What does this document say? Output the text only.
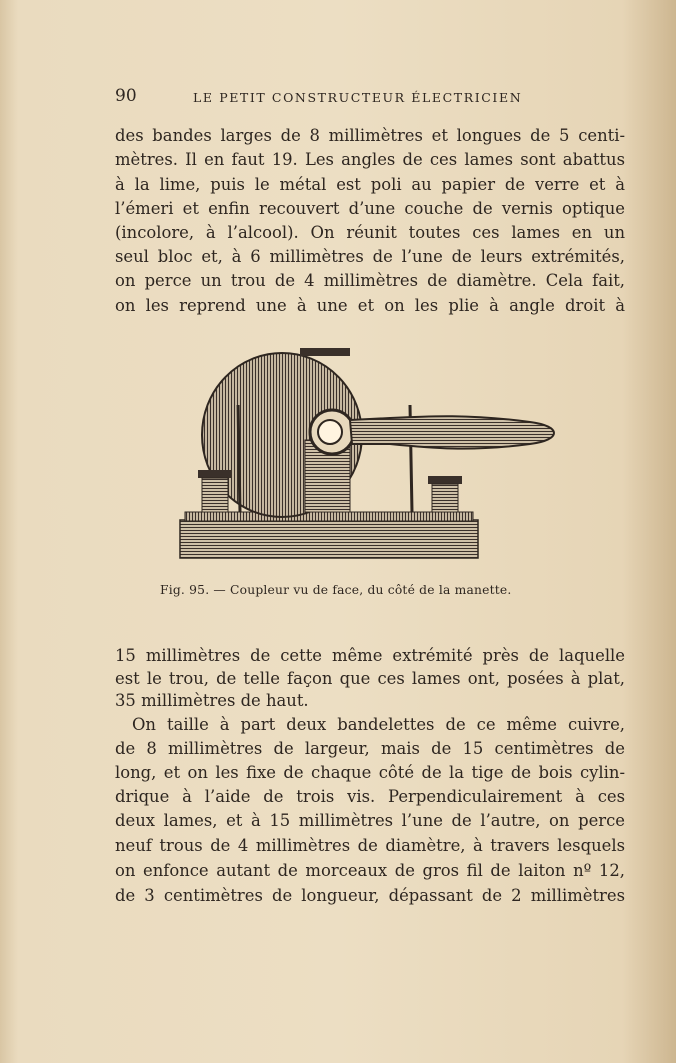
90	LE PETIT CONSTRUCTEUR ÉLECTRICIEN
des bandes larges de 8 millimètres et longues de 5 centi-
mètres. Il en faut 19. Les angles de ces lames sont abattus
à la lime, puis le métal est poli au papier de verre et à
l’émeri et enfin recouvert d’une couche de vernis optique
(incolore, à l’alcool). On réunit toutes ces lames en un
seul bloc et, à 6 millimètres de l’une de leurs extrémités,
on perce un trou de 4 millimètres de diamètre. Cela fait,
on les reprend une à une et on les plie à angle droit à
Fig. 95. — Coupleur vu de face, du côté de la manette.
15 millimètres de cette même extrémité près de laquelle
est le trou, de telle façon que ces lames ont, posées à plat,
35 millimètres de haut.
On taille à part deux bandelettes de ce même cuivre,
de 8 millimètres de largeur, mais de 15 centimètres de
long, et on les fixe de chaque côté de la tige de bois cylin-
drique à l’aide de trois vis. Perpendiculairement à ces
deux lames, et à 15 millimètres l’une de l’autre, on perce
neuf trous de 4 millimètres de diamètre, à travers lesquels
on enfonce autant de morceaux de gros fil de laiton nº 12,
de 3 centimètres de longueur, dépassant de 2 millimètres
